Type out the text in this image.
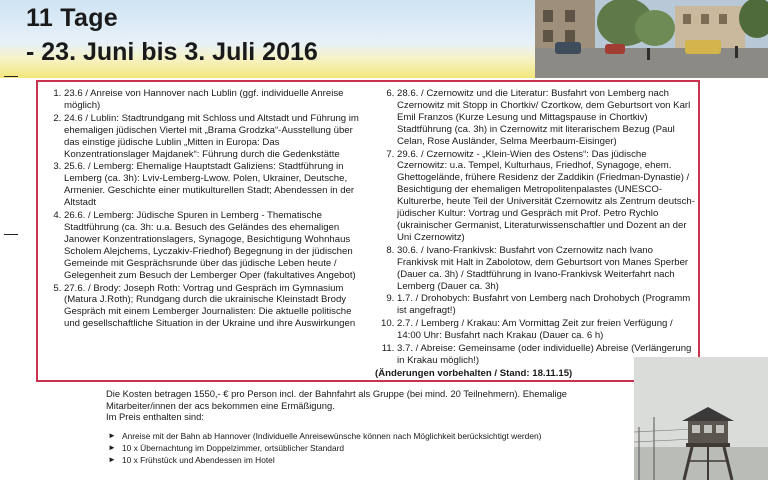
11 Tage
- 23. Juni bis 3. Juli 2016
1. 23.6 / Anreise von Hannover nach Lublin (ggf. individuelle Anreise möglich)
2. 24.6 / Lublin: Stadtrundgang mit Schloss und Altstadt und Führung im ehemaligen jüdischen Viertel mit „Brama Grodzka“-Ausstellung über das einstige jüdische Lublin „Mitten in Europa: Das Konzentrationslager Majdanek“: Führung durch die Gedenkstätte
3. 25.6. / Lemberg: Ehemalige Hauptstadt Galiziens: Stadtführung in Lemberg (ca. 3h): Lviv-Lemberg-Lwow. Polen, Ukrainer, Deutsche, Armenier. Geschichte einer mutikulturellen Stadt; Abendessen in der Altstadt
4. 26.6. / Lemberg: Jüdische Spuren in Lemberg - Thematische Stadtführung (ca. 3h: u.a. Besuch des Geländes des ehemaligen Janower Konzentrationslagers, Synagoge, Besichtigung Wohnhaus Scholem Alejchems, Lyczakiv-Friedhof) Begegnung in der jüdischen Gemeinde mit Gesprächsrunde über das jüdische Leben heute / Gelegenheit zum Besuch der Lemberger Oper (fakultatives Angebot)
5. 27.6. / Brody: Joseph Roth: Vortrag und Gespräch im Gymnasium (Matura J.Roth); Rundgang durch die ukrainische Kleinstadt Brody Gespräch mit einem Lemberger Journalisten: Die aktuelle politische und gesellschaftliche Situation in der Ukraine und ihre Auswirkungen
6. 28.6. / Czernowitz und die Literatur: Busfahrt von Lemberg nach Czernowitz mit Stopp in Chortkiv/ Czortkow, dem Geburtsort von Karl Emil Franzos (Kurze Lesung und Mittagspause in Chortkiv) Stadtführung (ca. 3h) in Czernowitz mit literarischem Bezug (Paul Celan, Rose Ausländer, Selma Meerbaum-Eisinger)
7. 29.6. / Czernowitz - „Klein-Wien des Ostens“: Das jüdische Czernowitz: u.a. Tempel, Kulturhaus, Friedhof, Synagoge, ehem. Ghettogelände, frühere Residenz der Zaddikin (Friedman-Dynastie) / Besichtigung der ehemaligen Metropolitenpalastes (UNESCO-Kulturerbe, heute Teil der Universität Czernowitz als Zentrum deutsch-jüdischer Kultur: Vortrag und Gespräch mit Prof. Petro Rychlo (ukrainischer Germanist, Literaturwissenschaftler und Dozent an der Uni Czernowitz)
8. 30.6. / Ivano-Frankivsk: Busfahrt von Czernowitz nach Ivano Frankivsk mit Halt in Zabolotow, dem Geburtsort von Manes Sperber (Dauer ca. 3h) / Stadtführung in Ivano-Frankivsk Weiterfahrt nach Lemberg (Dauer ca. 3h)
9. 1.7. / Drohobych: Busfahrt von Lemberg nach Drohobych (Programm ist angefragt!)
10. 2.7. / Lemberg / Krakau: Am Vormittag Zeit zur freien Verfügung / 14:00 Uhr: Busfahrt nach Krakau (Dauer ca. 6 h)
11. 3.7. / Abreise: Gemeinsame (oder individuelle) Abreise (Verlängerung in Krakau möglich!)
(Änderungen vorbehalten / Stand: 18.11.15)
Die Kosten betragen 1550,- € pro Person incl. der Bahnfahrt als Gruppe (bei mind. 20 Teilnehmern). Ehemalige Mitarbeiter/innen der acs bekommen eine Ermäßigung.
Im Preis enthalten sind:
► Anreise mit der Bahn ab Hannover (Individuelle Anreisewünsche können nach Möglichkeit berücksichtigt werden)
► 10 x Übernachtung im Doppelzimmer, ortsüblicher Standard
► 10 x Frühstück und Abendessen im Hotel
